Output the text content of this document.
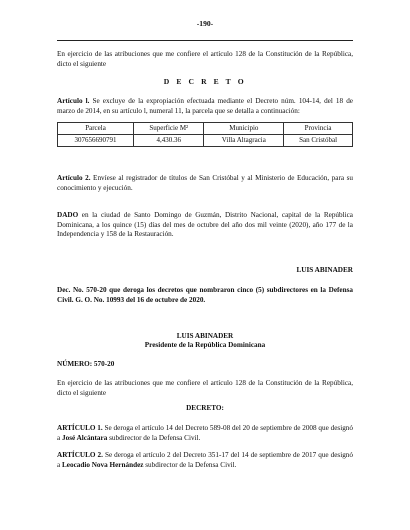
-190-

En ejercicio de las atribuciones que me confiere el artículo 128 de la Constitución de la República, dicto el siguiente

D E C R E T O

Artículo l. Se excluye de la expropiación efectuada mediante el Decreto núm. 104-14, del 18 de marzo de 2014, en su artículo l, numeral 11, la parcela que se detalla a continuación:

Parcela	Superficie M²	Municipio	Provincia
307656690791	4,430.36	Villa Altagracia	San Cristóbal

Artículo 2. Envíese al registrador de títulos de San Cristóbal y al Ministerio de Educación, para su conocimiento y ejecución.

DADO en la ciudad de Santo Domingo de Guzmán, Distrito Nacional, capital de la República Dominicana, a los quince (15) días del mes de octubre del año dos mil veinte (2020), año 177 de la Independencia y 158 de la Restauración.

LUIS ABINADER

Dec. No. 570-20 que deroga los decretos que nombraron cinco (5) subdirectores en la Defensa Civil. G. O. No. 10993 del 16 de octubre de 2020.

LUIS ABINADER

Presidente de la República Dominicana

NÚMERO: 570-20

En ejercicio de las atribuciones que me confiere el artículo 128 de la Constitución de la República, dicto el siguiente

DECRETO:

ARTÍCULO 1. Se deroga el artículo 14 del Decreto 589-08 del 20 de septiembre de 2008 que designó a José Alcántara subdirector de la Defensa Civil.

ARTÍCULO 2. Se deroga el artículo 2 del Decreto 351-17 del 14 de septiembre de 2017 que designó a Leocadio Nova Hernández subdirector de la Defensa Civil.
